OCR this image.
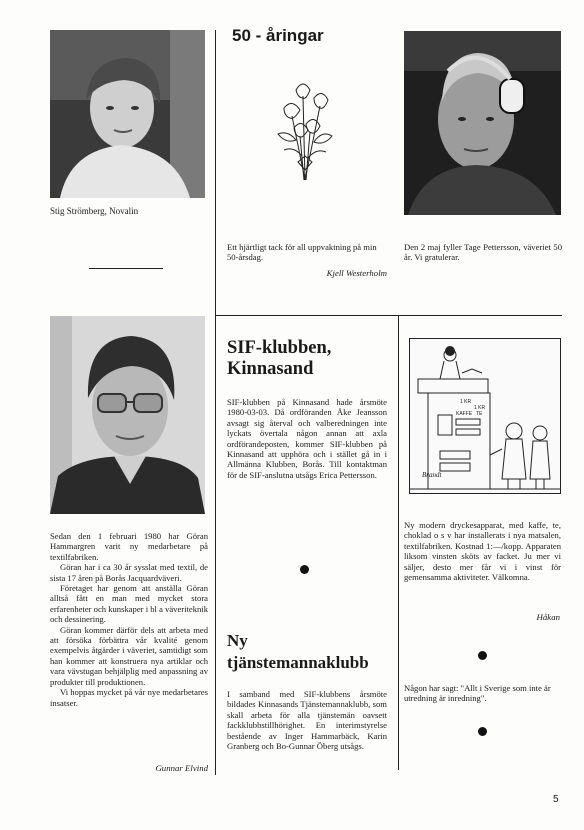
Stig Strömberg, Novalin

Sedan den 1 februari 1980 har Göran Hammargren varit ny medarbetare på textilfabriken.

Göran har i ca 30 år sysslat med textil, de sista 17 åren på Borås Jacquardväveri.

Företaget har genom att anställa Göran alltså fått en man med mycket stora erfarenheter och kunskaper i bl a väveriteknik och dessinering.

Göran kommer därför dels att arbeta med att försöka förbättra vår kvalité genom exempelvis åtgärder i väveriet, samtidigt som han kommer att konstruera nya artiklar och vara vävstugan behjälplig med anpassning av produkter till produktionen.

Vi hoppas mycket på vår nye medarbetares insatser.

Gunnar Elvind
50 - åringar
Ett hjärtligt tack för all uppvaktning på min 50-årsdag.
Kjell Westerholm
SIF-klubben, Kinnasand
SIF-klubben på Kinnasand hade årsmöte 1980-03-03. Då ordföranden Åke Jeansson avsagt sig återval och valberedningen inte lyckats övertala någon annan att axla ordförandeposten, kommer SIF-klubben på Kinnasand att upphöra och i stället gå in i Allmänna Klubben, Borås. Till kontaktman för de SIF-anslutna utsågs Erica Pettersson.
Ny tjänstemannaklubb
I samband med SIF-klubbens årsmöte bildades Kinnasands Tjänstemannaklubb, som skall arbeta för alla tjänstemän oavsett fackklubbstillhörighet. En interimstyrelse bestående av Inger Hammarbäck, Karin Granberg och Bo-Gunnar Öberg utsågs.
Den 2 maj fyller Tage Pettersson, väveriet 50 år. Vi gratulerar.
1 KR
1 KR
KAFFE TE
Brandt
Ny modern dryckesapparat, med kaffe, te, choklad o s v har installerats i nya matsalen, textilfabriken. Kostnad 1:—/kopp. Apparaten liksom vinsten sköts av facket. Ju mer vi säljer, desto mer får vi i vinst för gemensamma aktiviteter. Välkomna.
Håkan
Någon har sagt: "Allt i Sverige som inte är utredning är inredning".
5
